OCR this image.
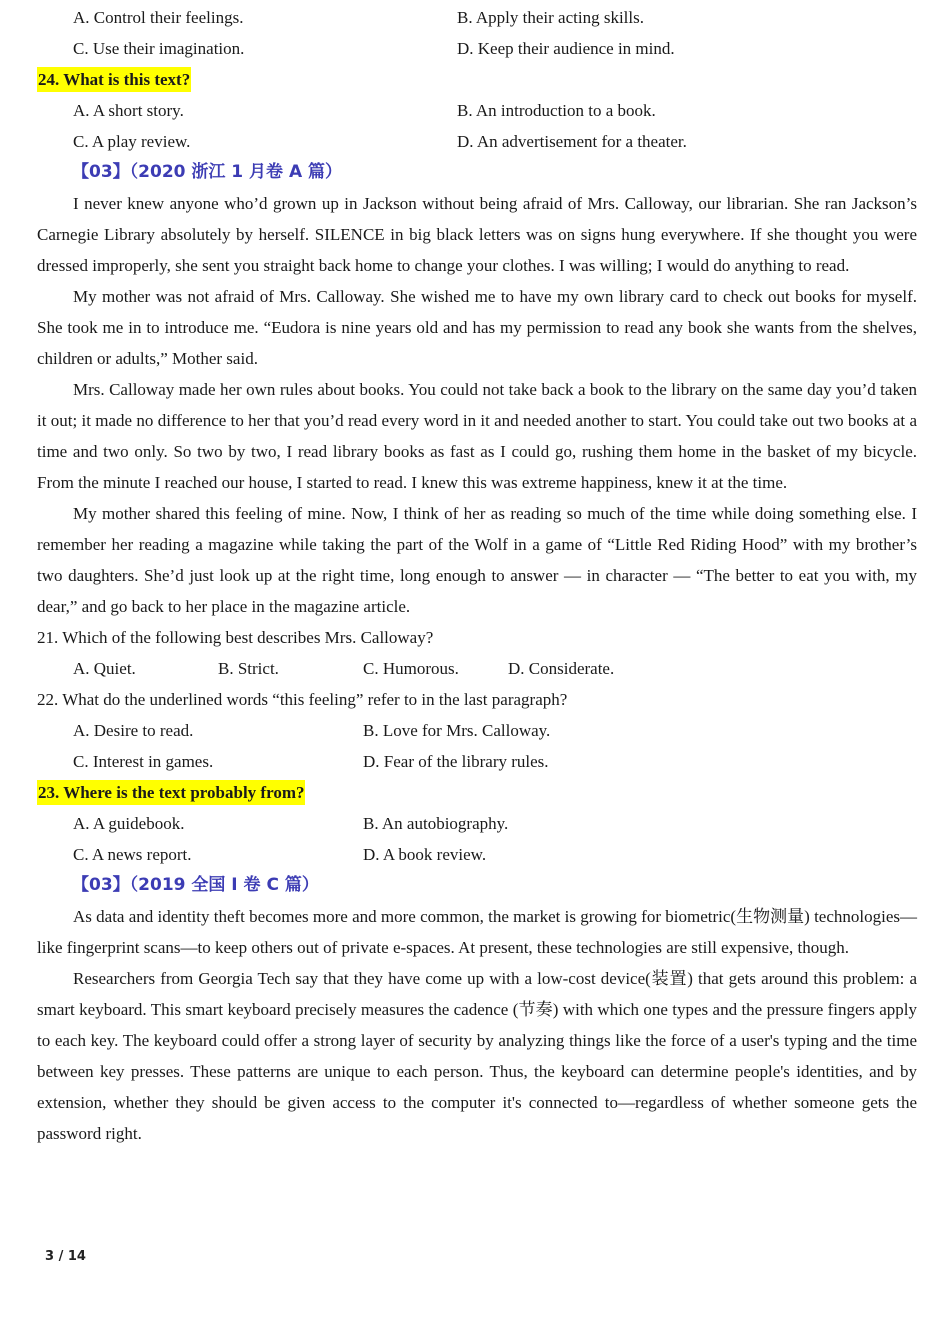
A. Control their feelings.	B. Apply their acting skills.
C. Use their imagination.	D. Keep their audience in mind.
24. What is this text?
A. A short story.	B. An introduction to a book.
C. A play review.	D. An advertisement for a theater.
【03】（2020 浙江 1 月卷 A 篇）

I never knew anyone who’d grown up in Jackson without being afraid of Mrs. Calloway, our librarian. She ran Jackson’s Carnegie Library absolutely by herself. SILENCE in big black letters was on signs hung everywhere. If she thought you were dressed improperly, she sent you straight back home to change your clothes. I was willing; I would do anything to read.

My mother was not afraid of Mrs. Calloway. She wished me to have my own library card to check out books for myself. She took me in to introduce me. “Eudora is nine years old and has my permission to read any book she wants from the shelves, children or adults,” Mother said.

Mrs. Calloway made her own rules about books. You could not take back a book to the library on the same day you’d taken it out; it made no difference to her that you’d read every word in it and needed another to start. You could take out two books at a time and two only. So two by two, I read library books as fast as I could go, rushing them home in the basket of my bicycle. From the minute I reached our house, I started to read. I knew this was extreme happiness, knew it at the time.

My mother shared this feeling of mine. Now, I think of her as reading so much of the time while doing something else. I remember her reading a magazine while taking the part of the Wolf in a game of “Little Red Riding Hood” with my brother’s two daughters. She’d just look up at the right time, long enough to answer — in character — “The better to eat you with, my dear,” and go back to her place in the magazine article.

21. Which of the following best describes Mrs. Calloway?
A. Quiet.	B. Strict.	C. Humorous.	D. Considerate.
22. What do the underlined words “this feeling” refer to in the last paragraph?
A. Desire to read.	B. Love for Mrs. Calloway.
C. Interest in games.	D. Fear of the library rules.
23. Where is the text probably from?
A. A guidebook.	B. An autobiography.
C. A news report.	D. A book review.
【03】（2019 全国 I 卷 C 篇）

As data and identity theft becomes more and more common, the market is growing for biometric(生物测量) technologies—like fingerprint scans—to keep others out of private e-spaces. At present, these technologies are still expensive, though.

Researchers from Georgia Tech say that they have come up with a low-cost device(装置) that gets around this problem: a smart keyboard. This smart keyboard precisely measures the cadence (节奏) with which one types and the pressure fingers apply to each key. The keyboard could offer a strong layer of security by analyzing things like the force of a user's typing and the time between key presses. These patterns are unique to each person. Thus, the keyboard can determine people's identities, and by extension, whether they should be given access to the computer it's connected to—regardless of whether someone gets the password right.

3 / 14
